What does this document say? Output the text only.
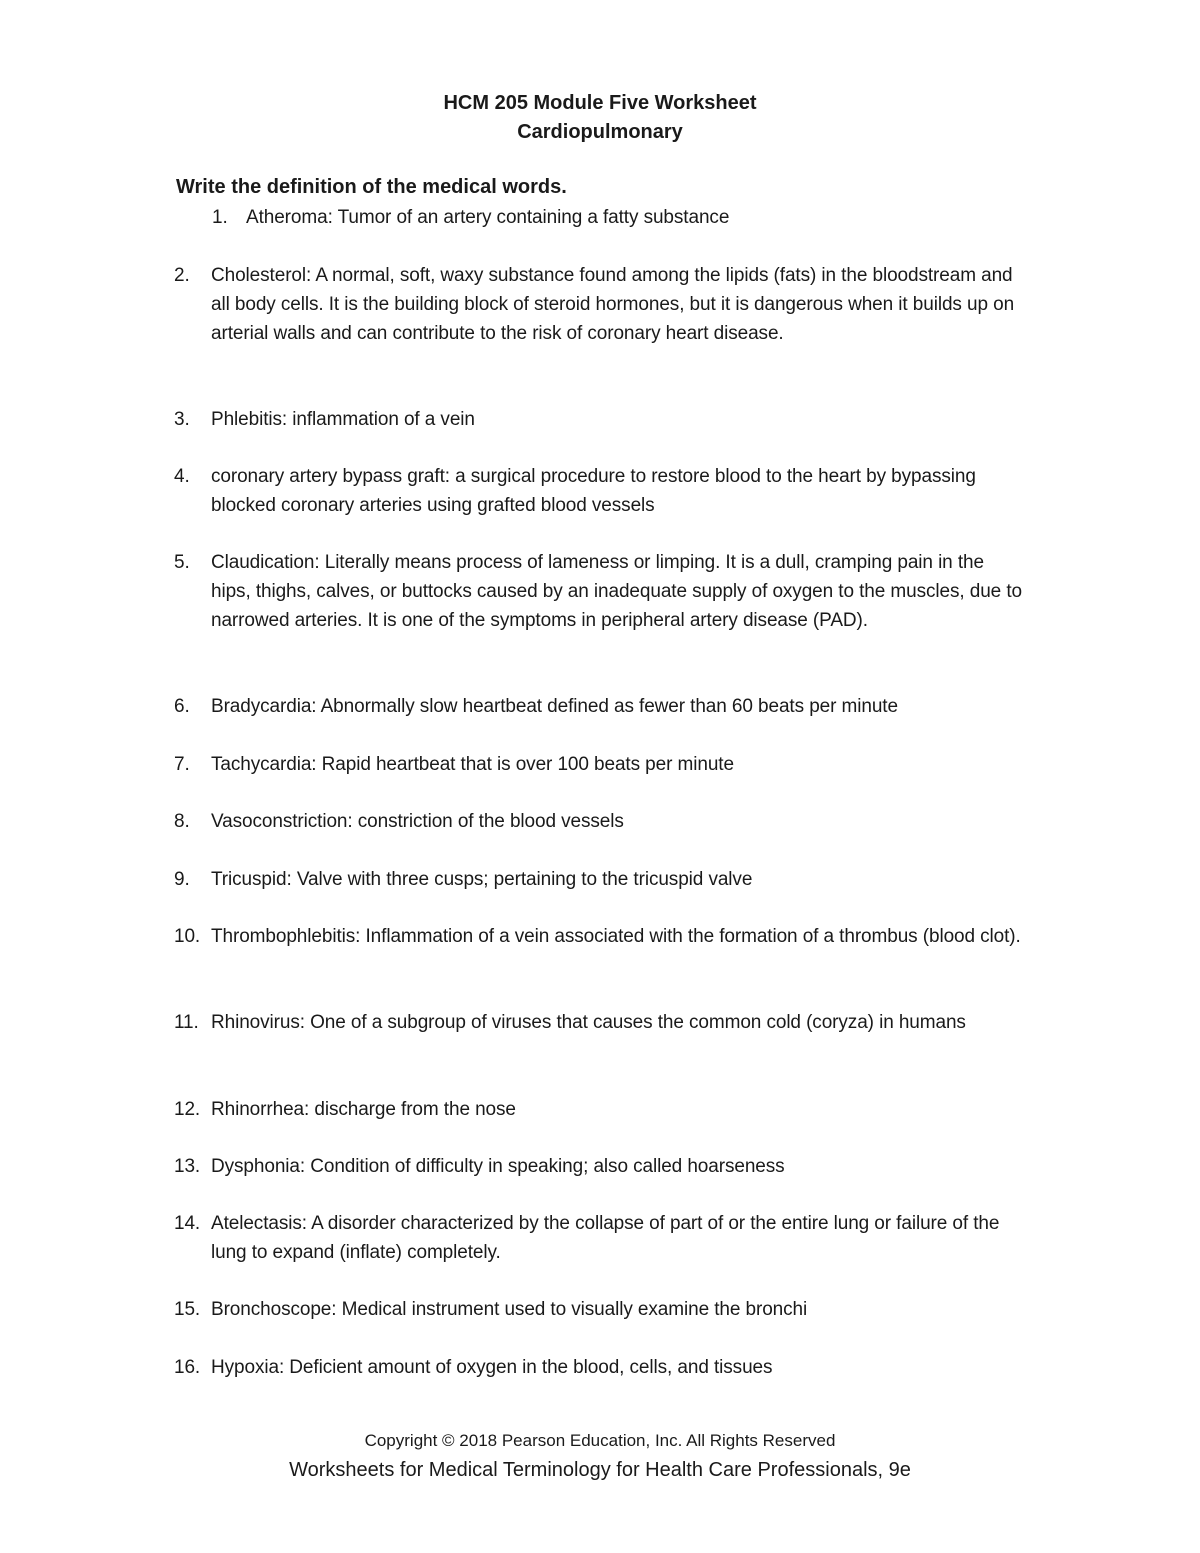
HCM 205 Module Five Worksheet
Cardiopulmonary
Write the definition of the medical words.
1. Atheroma: Tumor of an artery containing a fatty substance
2. Cholesterol: A normal, soft, waxy substance found among the lipids (fats) in the bloodstream and all body cells. It is the building block of steroid hormones, but it is dangerous when it builds up on arterial walls and can contribute to the risk of coronary heart disease.
3. Phlebitis: inflammation of a vein
4. coronary artery bypass graft: a surgical procedure to restore blood to the heart by bypassing blocked coronary arteries using grafted blood vessels
5. Claudication: Literally means process of lameness or limping. It is a dull, cramping pain in the hips, thighs, calves, or buttocks caused by an inadequate supply of oxygen to the muscles, due to narrowed arteries. It is one of the symptoms in peripheral artery disease (PAD).
6. Bradycardia: Abnormally slow heartbeat defined as fewer than 60 beats per minute
7. Tachycardia: Rapid heartbeat that is over 100 beats per minute
8. Vasoconstriction: constriction of the blood vessels
9. Tricuspid: Valve with three cusps; pertaining to the tricuspid valve
10. Thrombophlebitis: Inflammation of a vein associated with the formation of a thrombus (blood clot).
11. Rhinovirus: One of a subgroup of viruses that causes the common cold (coryza) in humans
12. Rhinorrhea: discharge from the nose
13. Dysphonia: Condition of difficulty in speaking; also called hoarseness
14. Atelectasis: A disorder characterized by the collapse of part of or the entire lung or failure of the lung to expand (inflate) completely.
15. Bronchoscope: Medical instrument used to visually examine the bronchi
16. Hypoxia: Deficient amount of oxygen in the blood, cells, and tissues
Copyright © 2018 Pearson Education, Inc. All Rights Reserved
Worksheets for Medical Terminology for Health Care Professionals, 9e
